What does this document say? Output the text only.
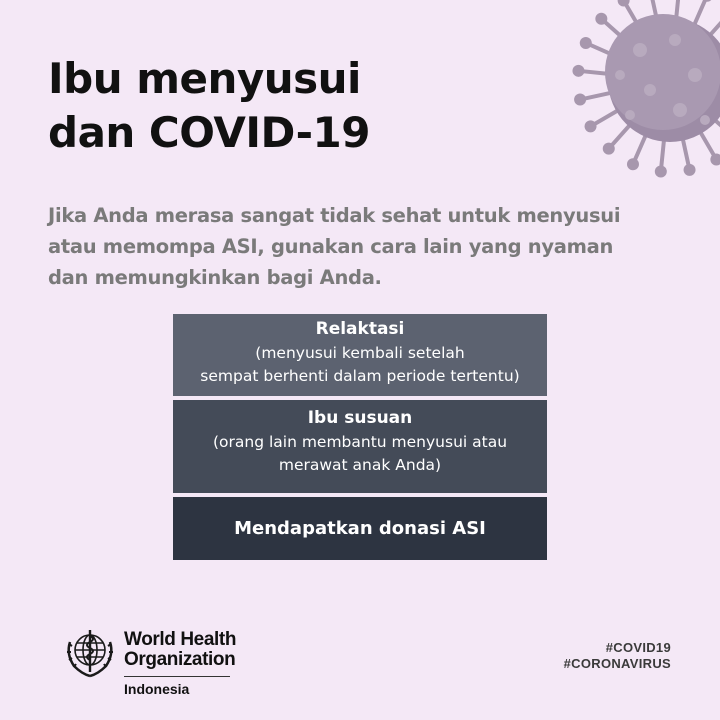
Ibu menyusui
dan COVID-19

Jika Anda merasa sangat tidak sehat untuk menyusui
atau memompa ASI, gunakan cara lain yang nyaman
dan memungkinkan bagi Anda.

Relaktasi
(menyusui kembali setelah
sempat berhenti dalam periode tertentu)
Ibu susuan
(orang lain membantu menyusui atau
merawat anak Anda)
Mendapatkan donasi ASI
World Health
Organization
Indonesia
#COVID19
#CORONAVIRUS
